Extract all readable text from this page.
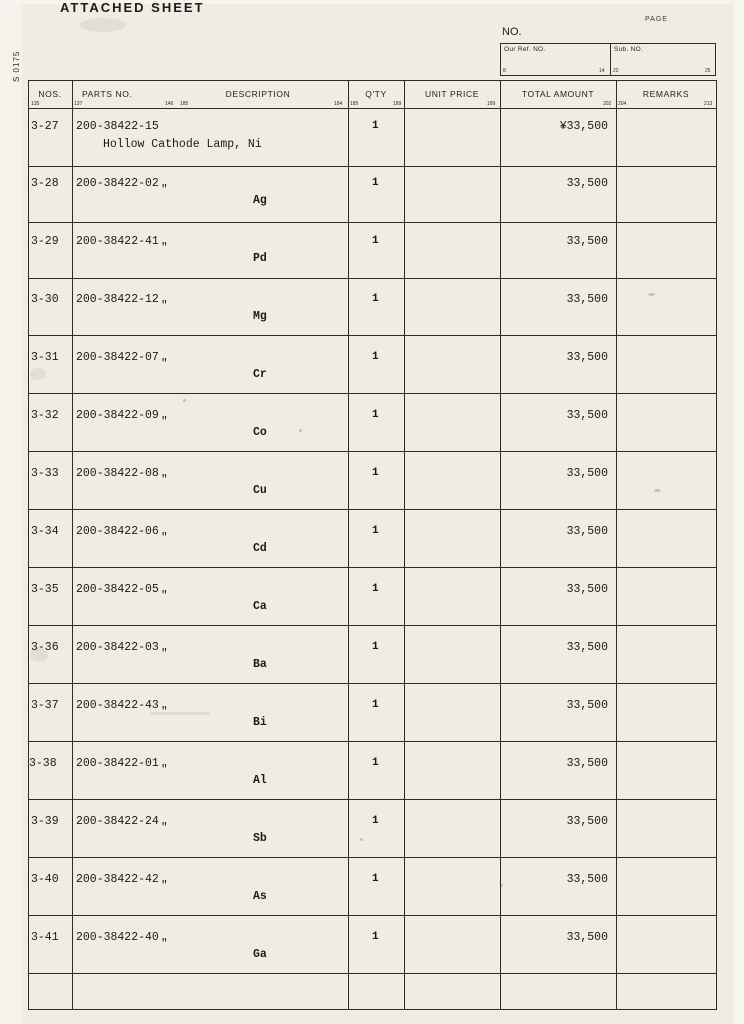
S 0175
ATTACHED SHEET
PAGE
NO.
Our Ref. NO.	Sub. NO.
8	14 22	25
NOS.	PARTS NO.	DESCRIPTION	Q'TY	UNIT PRICE	TOTAL AMOUNT	REMARKS
135	137	146 185	184 185	189	189	202 204	213
3-27 200-38422-15
Hollow Cathode Lamp, Ni
1	¥33,500
3-28 200-38422-02 "
Ag
1	33,500
3-29 200-38422-41 "
Pd
1	33,500
3-30 200-38422-12 "
Mg
1	33,500
3-31 200-38422-07 "
Cr
1	33,500
3-32 200-38422-09 "
Co
1	33,500
3-33 200-38422-08 "
Cu
1	33,500
3-34 200-38422-06 "
Cd
1	33,500
3-35 200-38422-05 "
Ca
1	33,500
3-36 200-38422-03 "
Ba
1	33,500
3-37 200-38422-43 "
Bi
1	33,500
3-38 200-38422-01 "
Al
1	33,500
3-39 200-38422-24 "
Sb
1	33,500
3-40 200-38422-42 "
As
1	33,500
3-41 200-38422-40 "
Ga
1	33,500
